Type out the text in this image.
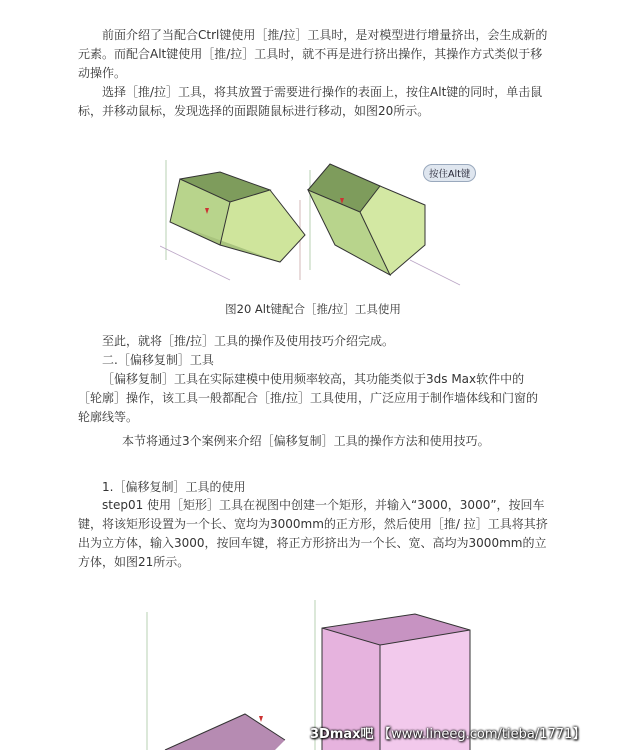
前面介绍了当配合Ctrl键使用［推/拉］工具时，是对模型进行增量挤出，会生成新的元素。而配合Alt键使用［推/拉］工具时，就不再是进行挤出操作，其操作方式类似于移动操作。

选择［推/拉］工具，将其放置于需要进行操作的表面上，按住Alt键的同时，单击鼠标，并移动鼠标，发现选择的面跟随鼠标进行移动，如图20所示。

按住Alt键

图20 Alt键配合［推/拉］工具使用

至此，就将［推/拉］工具的操作及使用技巧介绍完成。

二.［偏移复制］工具

［偏移复制］工具在实际建模中使用频率较高，其功能类似于3ds Max软件中的［轮廓］操作，该工具一般都配合［推/拉］工具使用，广泛应用于制作墙体线和门窗的轮廓线等。

本节将通过3个案例来介绍［偏移复制］工具的操作方法和使用技巧。

1.［偏移复制］工具的使用

step01 使用［矩形］工具在视图中创建一个矩形，并输入“3000，3000”，按回车键，将该矩形设置为一个长、宽均为3000mm的正方形，然后使用［推/ 拉］工具将其挤出为立方体，输入3000，按回车键，将正方形挤出为一个长、宽、高均为3000mm的立方体，如图21所示。

3Dmax吧 【www.lineeg.com/tieba/1771】
